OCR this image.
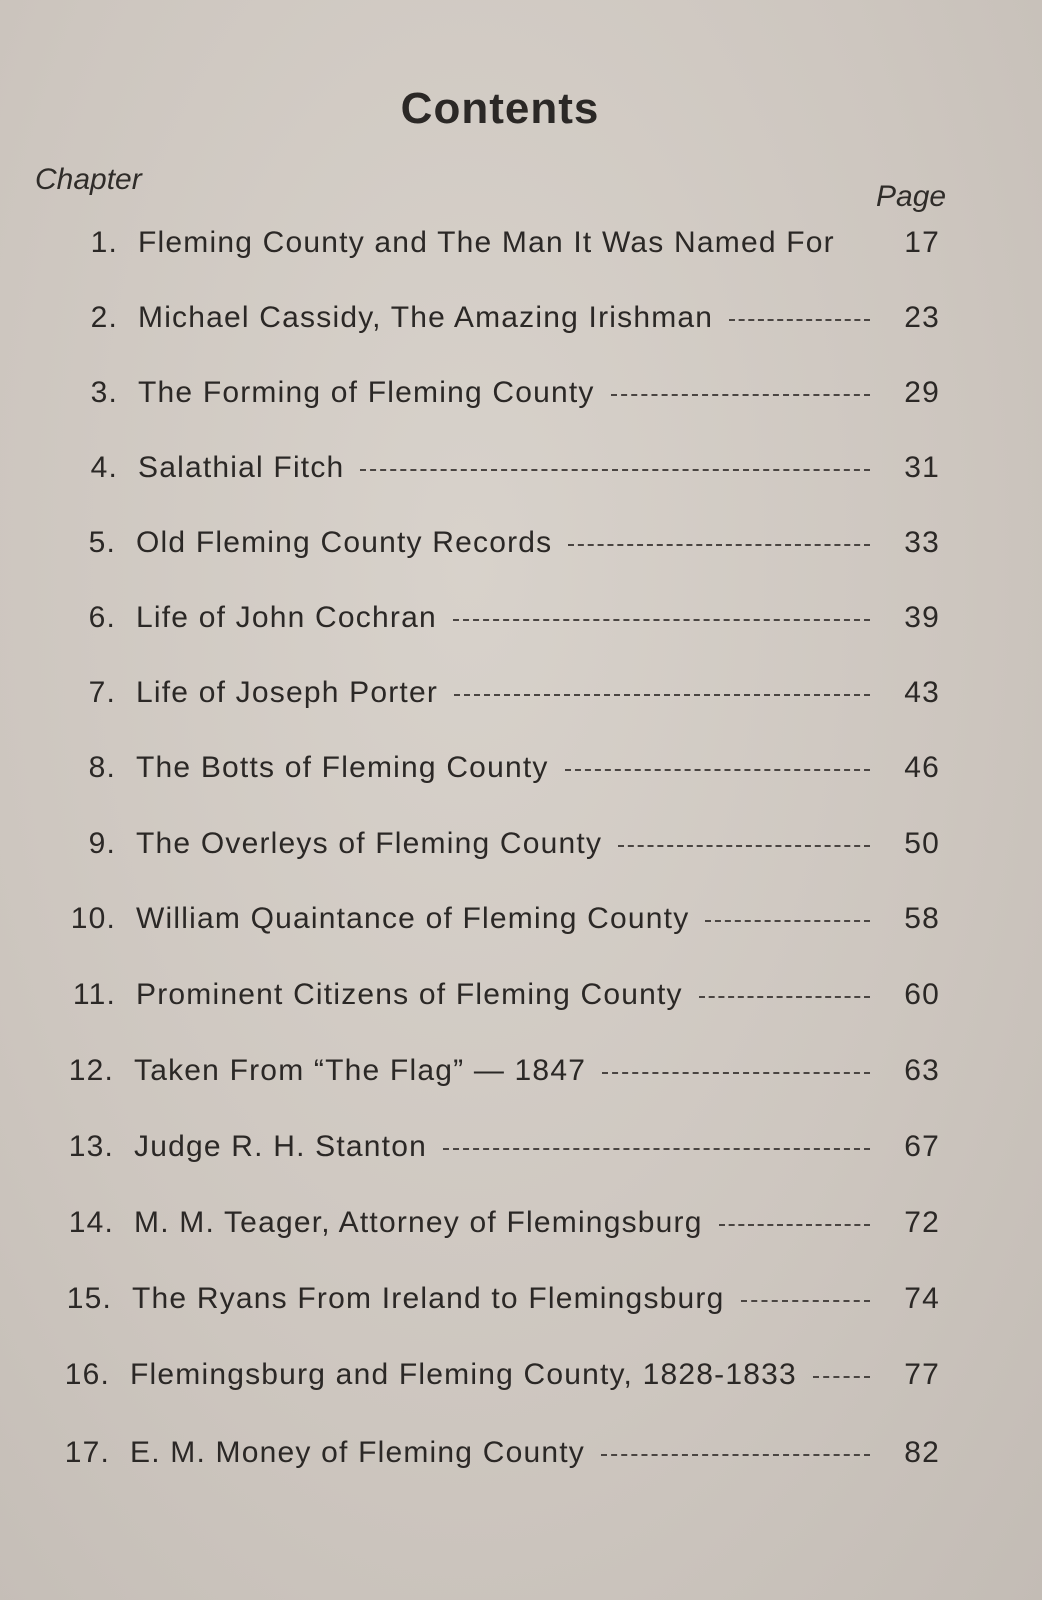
Contents
Chapter
Page
1. Fleming County and The Man It Was Named For	17
2. Michael Cassidy, The Amazing Irishman	23
3. The Forming of Fleming County	29
4. Salathial Fitch	31
5. Old Fleming County Records	33
6. Life of John Cochran	39
7. Life of Joseph Porter	43
8. The Botts of Fleming County	46
9. The Overleys of Fleming County	50
10. William Quaintance of Fleming County	58
11. Prominent Citizens of Fleming County	60
12. Taken From “The Flag” — 1847	63
13. Judge R. H. Stanton	67
14. M. M. Teager, Attorney of Flemingsburg	72
15. The Ryans From Ireland to Flemingsburg	74
16. Flemingsburg and Fleming County, 1828-1833	77
17. E. M. Money of Fleming County	82
